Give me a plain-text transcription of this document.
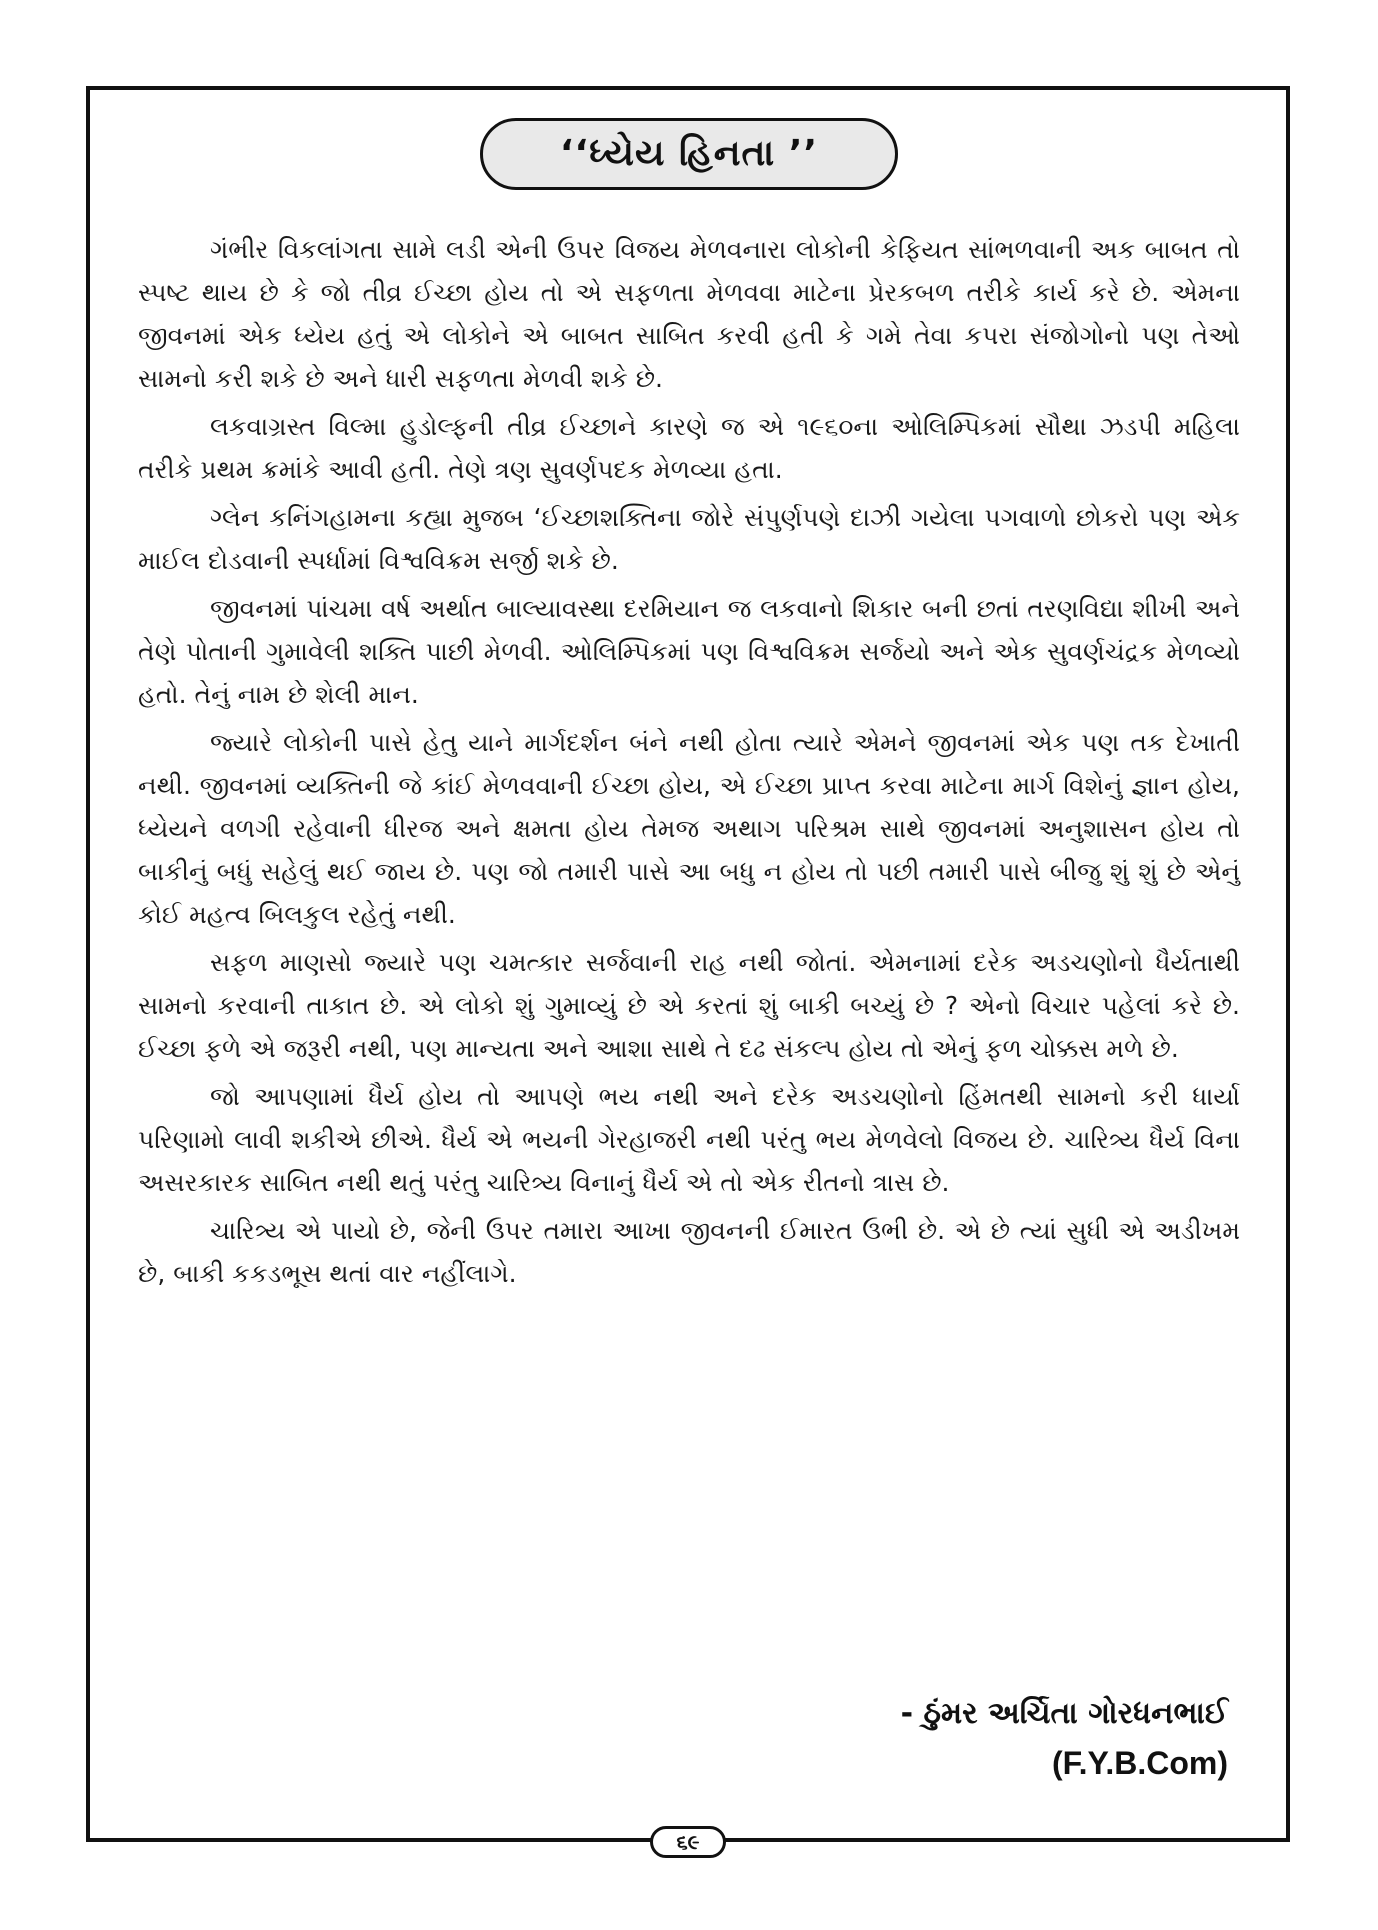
‘‘ધ્યેય હિનતા ’’

ગંભીર વિકલાંગતા સામે લડી એની ઉપર વિજય મેળવનારા લોકોની કેફિયત સાંભળવાની અક બાબત તો સ્પષ્ટ થાય છે કે જો તીવ્ર ઈચ્છા હોય તો એ સફળતા મેળવવા માટેના પ્રેરકબળ તરીકે કાર્ય કરે છે. એમના જીવનમાં એક ધ્યેય હતું એ લોકોને એ બાબત સાબિત કરવી હતી કે ગમે તેવા કપરા સંજોગોનો પણ તેઓ સામનો કરી શકે છે અને ધારી સફળતા મેળવી શકે છે.

લકવાગ્રસ્ત વિલ્મા હુડોલ્ફની તીવ્ર ઈચ્છાને કારણે જ એ ૧૯૬૦ના ઓલિમ્પિકમાં સૌથા ઝડપી મહિલા તરીકે પ્રથમ ક્રમાંકે આવી હતી. તેણે ત્રણ સુવર્ણપદક મેળવ્યા હતા.

ગ્લેન કનિંગહામના કહ્યા મુજબ ‘ઈચ્છાશક્તિના જોરે સંપુર્ણપણે દાઝી ગયેલા પગવાળો છોકરો પણ એક માઈલ દોડવાની સ્પર્ધામાં વિશ્વવિક્રમ સર્જી શકે છે.

જીવનમાં પાંચમા વર્ષ અર્થાત બાલ્યાવસ્થા દરમિયાન જ લકવાનો શિકાર બની છતાં તરણવિદ્યા શીખી અને તેણે પોતાની ગુમાવેલી શક્તિ પાછી મેળવી. ઓલિમ્પિકમાં પણ વિશ્વવિક્રમ સર્જયો અને એક સુવર્ણચંદ્રક મેળવ્યો હતો. તેનું નામ છે શેલી માન.

જ્યારે લોકોની પાસે હેતુ યાને માર્ગદર્શન બંને નથી હોતા ત્યારે એમને જીવનમાં એક પણ તક દેખાતી નથી. જીવનમાં વ્યક્તિની જે કાંઈ મેળવવાની ઈચ્છા હોય, એ ઈચ્છા પ્રાપ્ત કરવા માટેના માર્ગ વિશેનું જ્ઞાન હોય, ધ્યેયને વળગી રહેવાની ધીરજ અને ક્ષમતા હોય તેમજ અથાગ પરિશ્રમ સાથે જીવનમાં અનુશાસન હોય તો બાકીનું બધું સહેલું થઈ જાય છે. પણ જો તમારી પાસે આ બધુ ન હોય તો પછી તમારી પાસે બીજુ શું શું છે એનું કોઈ મહત્વ બિલકુલ રહેતું નથી.

સફળ માણસો જ્યારે પણ ચમત્કાર સર્જવાની રાહ નથી જોતાં. એમનામાં દરેક અડચણોનો ધૈર્યતાથી સામનો કરવાની તાકાત છે. એ લોકો શું ગુમાવ્યું છે એ કરતાં શું બાકી બચ્યું છે ? એનો વિચાર પહેલાં કરે છે. ઈચ્છા ફળે એ જરૂરી નથી, પણ માન્યતા અને આશા સાથે તે દઢ સંકલ્પ હોય તો એનું ફળ ચોક્કસ મળે છે.

જો આપણામાં ધૈર્ય હોય તો આપણે ભય નથી અને દરેક અડચણોનો હિંમતથી સામનો કરી ધાર્યા પરિણામો લાવી શકીએ છીએ. ધૈર્ય એ ભયની ગેરહાજરી નથી પરંતુ ભય મેળવેલો વિજય છે. ચારિત્ર્ય ધૈર્ય વિના અસરકારક સાબિત નથી થતું પરંતુ ચારિત્ર્ય વિનાનું ધૈર્ય એ તો એક રીતનો ત્રાસ છે.

ચારિત્ર્ય એ પાયો છે, જેની ઉપર તમારા આખા જીવનની ઈમારત ઉભી છે. એ છે ત્યાં સુધી એ અડીખમ છે, બાકી કકડભૂસ થતાં વાર નહીંલાગે.

- ઠુંમર અર્ચિતા ગોરધનભાઈ
(F.Y.B.Com)
૬૯
